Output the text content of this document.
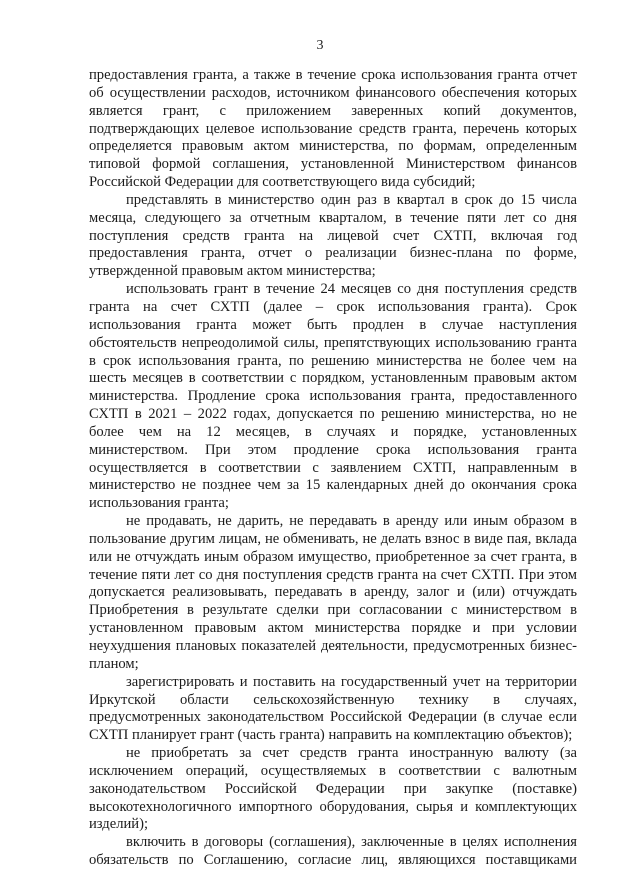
3
предоставления гранта, а также в течение срока использования гранта отчет
об осуществлении расходов, источником финансового обеспечения которых
является грант, с приложением заверенных копий документов,
подтверждающих целевое использование средств гранта, перечень которых
определяется правовым актом министерства, по формам, определенным
типовой формой соглашения, установленной Министерством финансов
Российской Федерации для соответствующего вида субсидий;
представлять в министерство один раз в квартал в срок до 15 числа
месяца, следующего за отчетным кварталом, в течение пяти лет со дня
поступления средств гранта на лицевой счет СХТП, включая год
предоставления гранта, отчет о реализации бизнес-плана по форме,
утвержденной правовым актом министерства;
использовать грант в течение 24 месяцев со дня поступления средств
гранта на счет СХТП (далее – срок использования гранта). Срок
использования гранта может быть продлен в случае наступления
обстоятельств непреодолимой силы, препятствующих использованию гранта
в срок использования гранта, по решению министерства не более чем на
шесть месяцев в соответствии с порядком, установленным правовым актом
министерства. Продление срока использования гранта, предоставленного
СХТП в 2021 – 2022 годах, допускается по решению министерства, но не
более чем на 12 месяцев, в случаях и порядке, установленных
министерством. При этом продление срока использования гранта
осуществляется в соответствии с заявлением СХТП, направленным в
министерство не позднее чем за 15 календарных дней до окончания срока
использования гранта;
не продавать, не дарить, не передавать в аренду или иным образом в
пользование другим лицам, не обменивать, не делать взнос в виде пая, вклада
или не отчуждать иным образом имущество, приобретенное за счет гранта, в
течение пяти лет со дня поступления средств гранта на счет СХТП. При этом
допускается реализовывать, передавать в аренду, залог и (или) отчуждать
Приобретения в результате сделки при согласовании с министерством в
установленном правовым актом министерства порядке и при условии
неухудшения плановых показателей деятельности, предусмотренных бизнес-
планом;
зарегистрировать и поставить на государственный учет на территории
Иркутской области сельскохозяйственную технику в случаях,
предусмотренных законодательством Российской Федерации (в случае если
СХТП планирует грант (часть гранта) направить на комплектацию объектов);
не приобретать за счет средств гранта иностранную валюту (за
исключением операций, осуществляемых в соответствии с валютным
законодательством Российской Федерации при закупке (поставке)
высокотехнологичного импортного оборудования, сырья и комплектующих
изделий);
включить в договоры (соглашения), заключенные в целях исполнения
обязательств по Соглашению, согласие лиц, являющихся поставщиками
